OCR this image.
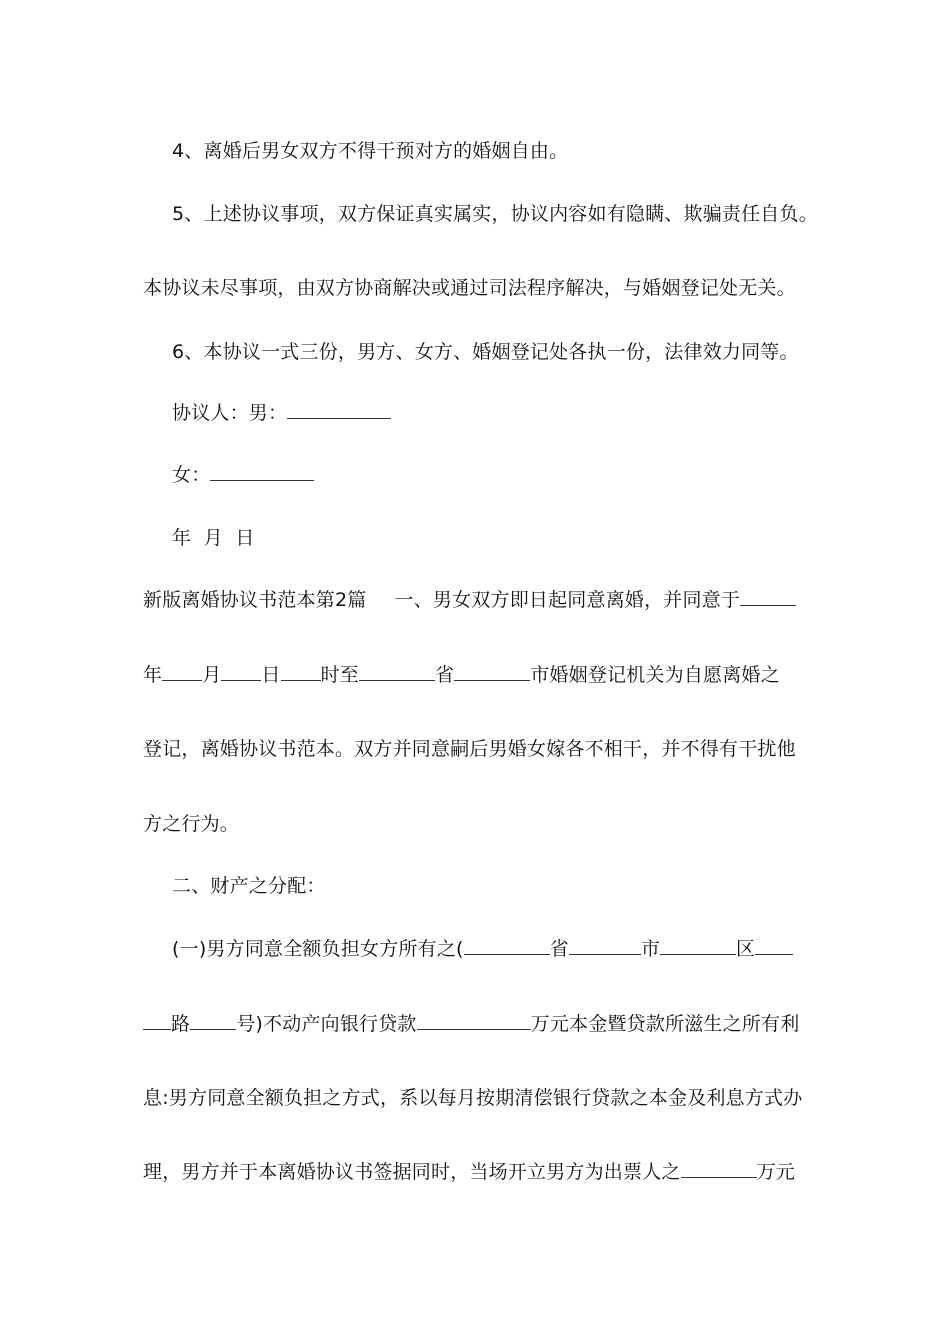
4、离婚后男女双方不得干预对方的婚姻自由。
5、上述协议事项，双方保证真实属实，协议内容如有隐瞒、欺骗责任自负。
本协议未尽事项，由双方协商解决或通过司法程序解决，与婚姻登记处无关。
6、本协议一式三份，男方、女方、婚姻登记处各执一份，法律效力同等。
协议人：男：
女：
年  月  日
新版离婚协议书范本第2篇 一、男女双方即日起同意离婚，并同意于
年 月 日 时至	省	市婚姻登记机关为自愿离婚之
登记，离婚协议书范本。双方并同意嗣后男婚女嫁各不相干，并不得有干扰他
方之行为。
二、财产之分配：
(一)男方同意全额负担女方所有之(	省	市	区
路 号)不动产向银行贷款	万元本金暨贷款所滋生之所有利
息:男方同意全额负担之方式，系以每月按期清偿银行贷款之本金及利息方式办
理，男方并于本离婚协议书签据同时，当场开立男方为出票人之	万元
